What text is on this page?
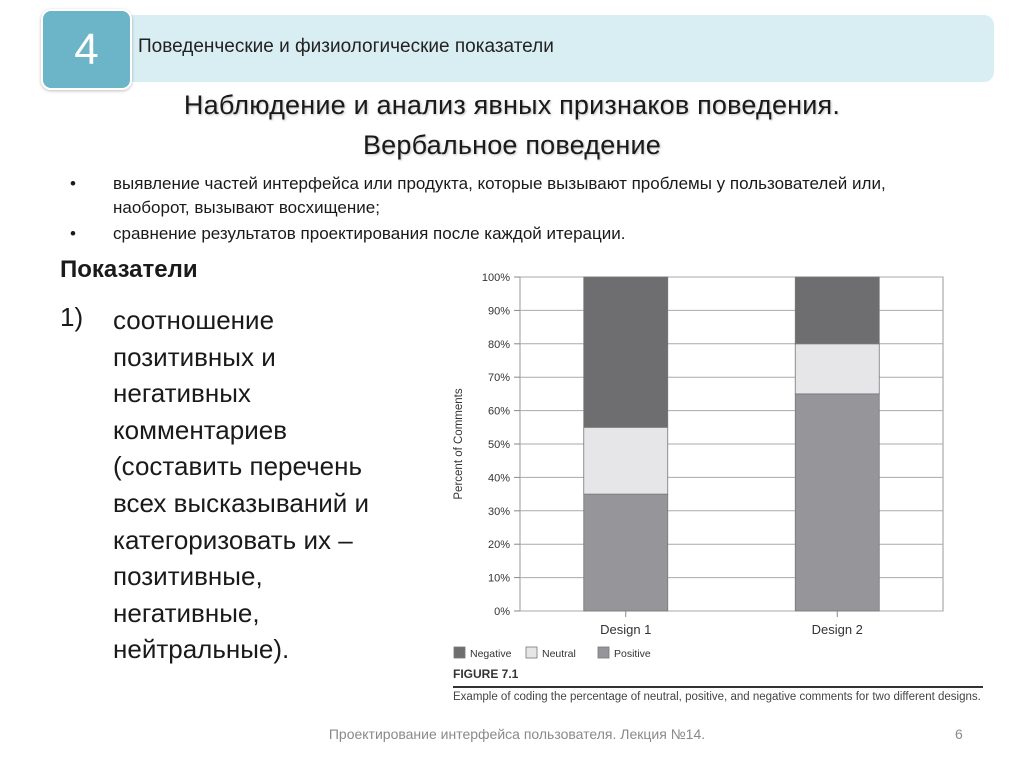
Поведенческие и физиологические показатели
4
Наблюдение и анализ явных признаков поведения.
Вербальное поведение
• выявление частей интерфейса или продукта, которые вызывают проблемы у пользователей или, наоборот, вызывают восхищение;
• сравнение результатов проектирования после каждой итерации.
Показатели
1) соотношение позитивных и негативных комментариев (составить перечень всех высказываний и категоризовать их – позитивные, негативные, нейтральные).
0%
10%
20%
30%
40%
50%
60%
70%
80%
90%
100%
Percent of Comments
Design 1	Design 2
Negative	Neutral	Positive
FIGURE 7.1
Example of coding the percentage of neutral, positive, and negative comments for two different designs.
Проектирование интерфейса пользователя. Лекция №14.	6
